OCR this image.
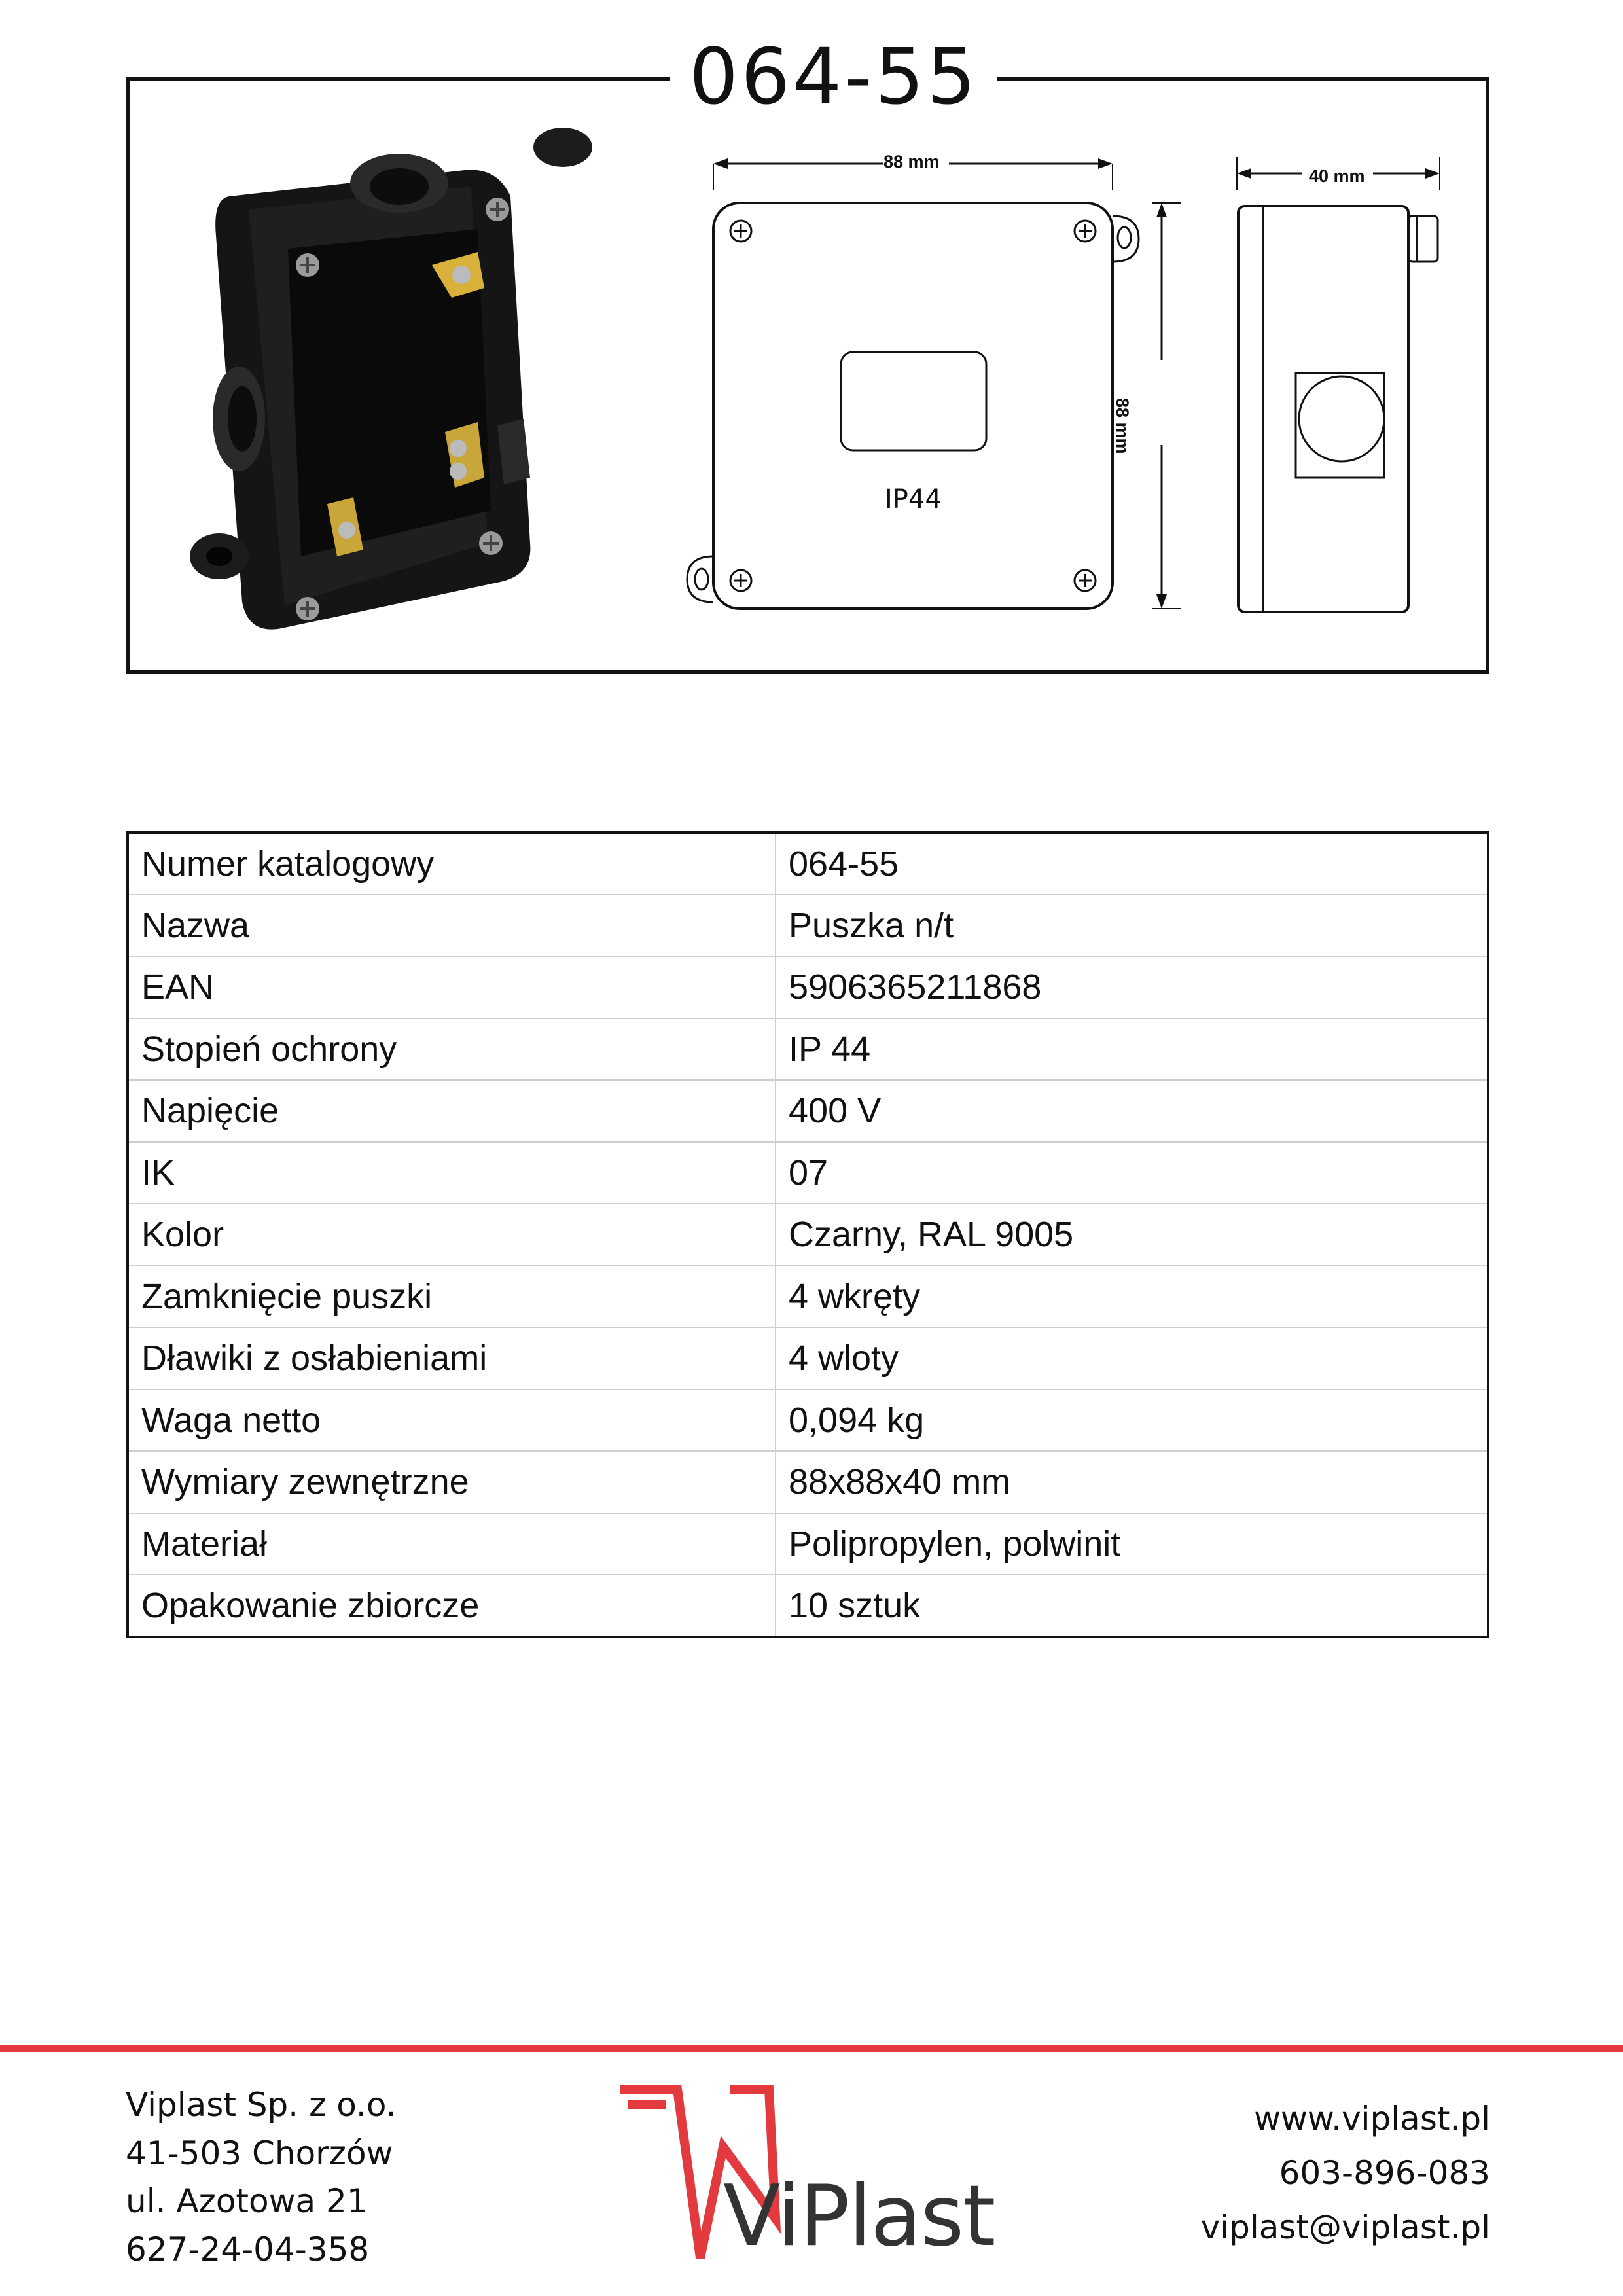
064-55
88 mm
88 mm
IP44
40 mm
Numer katalogowy	064-55
Nazwa	Puszka n/t
EAN	5906365211868
Stopień ochrony	IP 44
Napięcie	400 V
IK	07
Kolor	Czarny, RAL 9005
Zamknięcie puszki	4 wkręty
Dławiki z osłabieniami	4 wloty
Waga netto	0,094 kg
Wymiary zewnętrzne	88x88x40 mm
Materiał	Polipropylen, polwinit
Opakowanie zbiorcze	10 sztuk
Viplast Sp. z o.o.
41-503 Chorzów
ul. Azotowa 21
627-24-04-358	ViPlast
www.viplast.pl
603-896-083
viplast@viplast.pl
